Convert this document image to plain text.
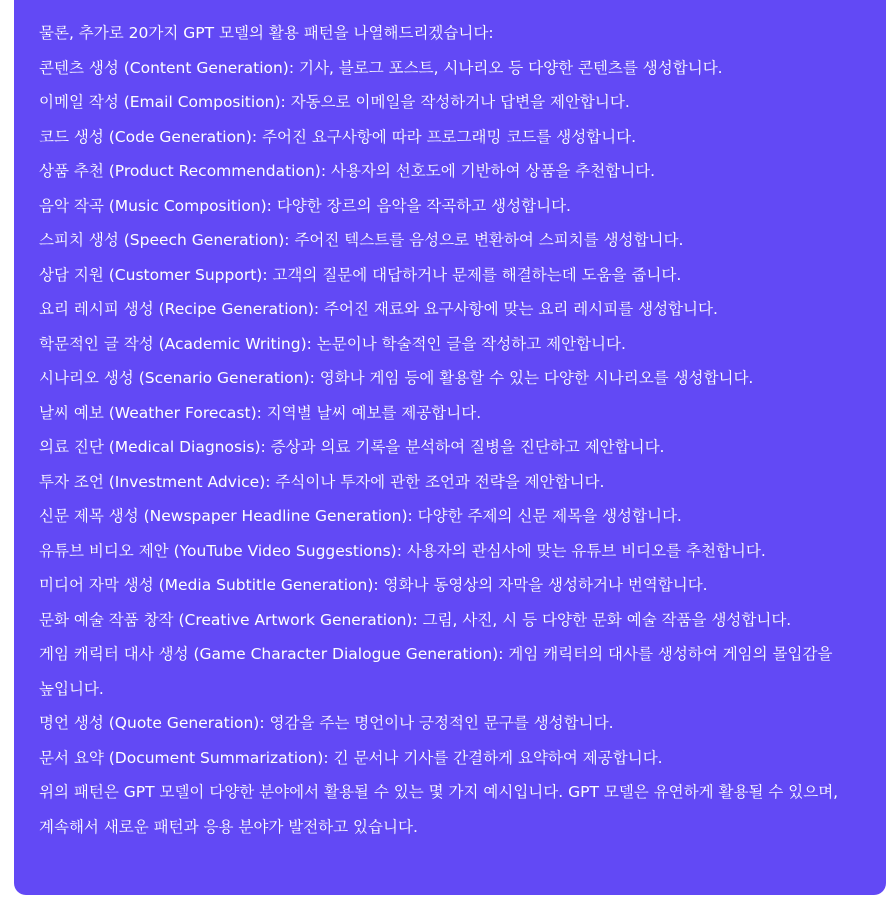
물론, 추가로 20가지 GPT 모델의 활용 패턴을 나열해드리겠습니다:

콘텐츠 생성 (Content Generation): 기사, 블로그 포스트, 시나리오 등 다양한 콘텐츠를 생성합니다.

이메일 작성 (Email Composition): 자동으로 이메일을 작성하거나 답변을 제안합니다.

코드 생성 (Code Generation): 주어진 요구사항에 따라 프로그래밍 코드를 생성합니다.

상품 추천 (Product Recommendation): 사용자의 선호도에 기반하여 상품을 추천합니다.

음악 작곡 (Music Composition): 다양한 장르의 음악을 작곡하고 생성합니다.

스피치 생성 (Speech Generation): 주어진 텍스트를 음성으로 변환하여 스피치를 생성합니다.

상담 지원 (Customer Support): 고객의 질문에 대답하거나 문제를 해결하는데 도움을 줍니다.

요리 레시피 생성 (Recipe Generation): 주어진 재료와 요구사항에 맞는 요리 레시피를 생성합니다.

학문적인 글 작성 (Academic Writing): 논문이나 학술적인 글을 작성하고 제안합니다.

시나리오 생성 (Scenario Generation): 영화나 게임 등에 활용할 수 있는 다양한 시나리오를 생성합니다.

날씨 예보 (Weather Forecast): 지역별 날씨 예보를 제공합니다.

의료 진단 (Medical Diagnosis): 증상과 의료 기록을 분석하여 질병을 진단하고 제안합니다.

투자 조언 (Investment Advice): 주식이나 투자에 관한 조언과 전략을 제안합니다.

신문 제목 생성 (Newspaper Headline Generation): 다양한 주제의 신문 제목을 생성합니다.

유튜브 비디오 제안 (YouTube Video Suggestions): 사용자의 관심사에 맞는 유튜브 비디오를 추천합니다.

미디어 자막 생성 (Media Subtitle Generation): 영화나 동영상의 자막을 생성하거나 번역합니다.

문화 예술 작품 창작 (Creative Artwork Generation): 그림, 사진, 시 등 다양한 문화 예술 작품을 생성합니다.

게임 캐릭터 대사 생성 (Game Character Dialogue Generation): 게임 캐릭터의 대사를 생성하여 게임의 몰입감을 높입니다.

명언 생성 (Quote Generation): 영감을 주는 명언이나 긍정적인 문구를 생성합니다.

문서 요약 (Document Summarization): 긴 문서나 기사를 간결하게 요약하여 제공합니다.

위의 패턴은 GPT 모델이 다양한 분야에서 활용될 수 있는 몇 가지 예시입니다. GPT 모델은 유연하게 활용될 수 있으며, 계속해서 새로운 패턴과 응용 분야가 발전하고 있습니다.
